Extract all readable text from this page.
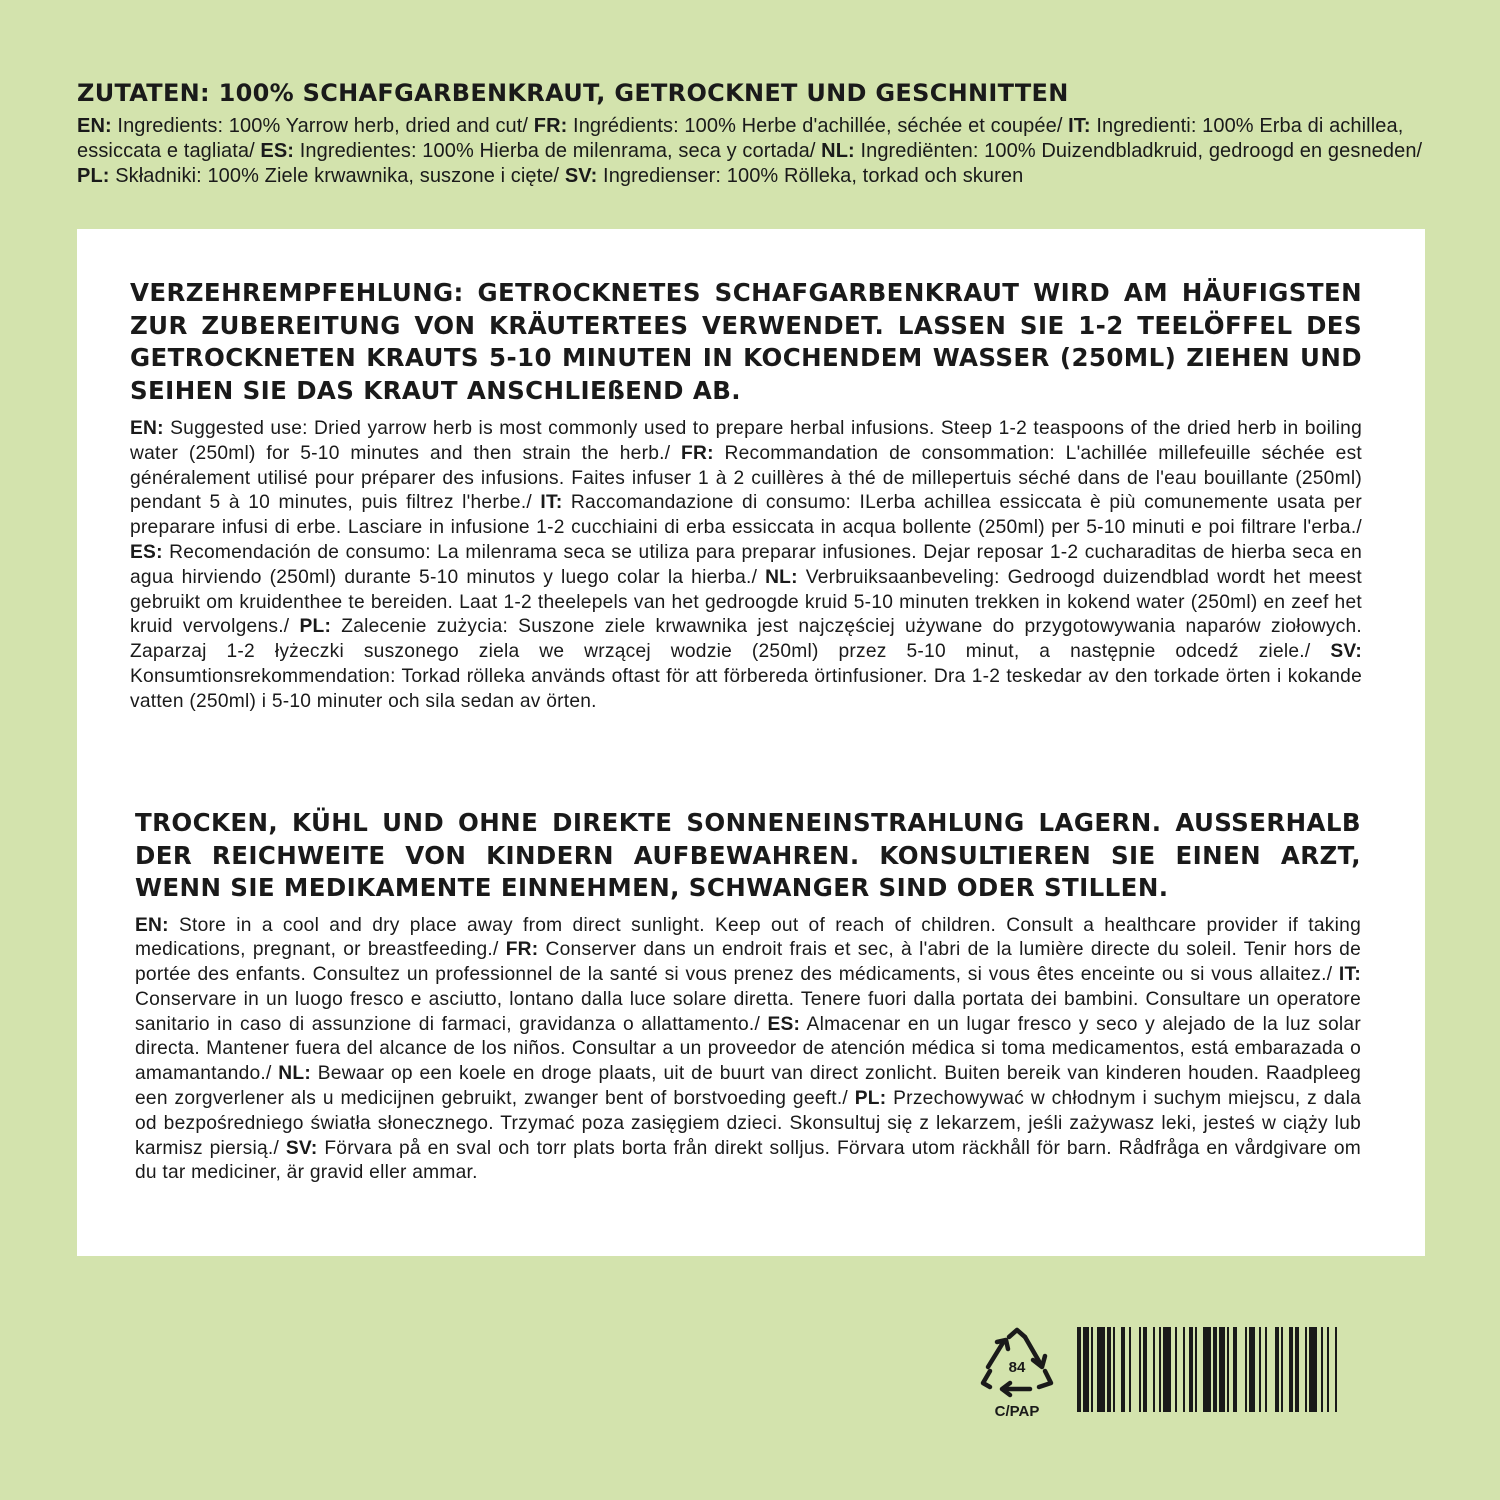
ZUTATEN: 100% SCHAFGARBENKRAUT, GETROCKNET UND GESCHNITTEN

EN: Ingredients: 100% Yarrow herb, dried and cut/ FR: Ingrédients: 100% Herbe d'achillée, séchée et coupée/ IT: Ingredienti: 100% Erba di achillea, essiccata e tagliata/ ES: Ingredientes: 100% Hierba de milenrama, seca y cortada/ NL: Ingrediënten: 100% Duizendbladkruid, gedroogd en gesneden/ PL: Składniki: 100% Ziele krwawnika, suszone i cięte/ SV: Ingredienser: 100% Rölleka, torkad och skuren

VERZEHREMPFEHLUNG: GETROCKNETES SCHAFGARBENKRAUT WIRD AM HÄUFIGSTEN ZUR ZUBEREITUNG VON KRÄUTERTEES VERWENDET. LASSEN SIE 1-2 TEELÖFFEL DES GETROCKNETEN KRAUTS 5-10 MINUTEN IN KOCHENDEM WASSER (250ML) ZIEHEN UND SEIHEN SIE DAS KRAUT ANSCHLIEßEND AB.

EN: Suggested use: Dried yarrow herb is most commonly used to prepare herbal infusions. Steep 1-2 teaspoons of the dried herb in boiling water (250ml) for 5-10 minutes and then strain the herb./ FR: Recommandation de consommation: L'achillée millefeuille séchée est généralement utilisé pour préparer des infusions. Faites infuser 1 à 2 cuillères à thé de millepertuis séché dans de l'eau bouillante (250ml) pendant 5 à 10 minutes, puis filtrez l'herbe./ IT: Raccomandazione di consumo: ILerba achillea essiccata è più comunemente usata per preparare infusi di erbe. Lasciare in infusione 1-2 cucchiaini di erba essiccata in acqua bollente (250ml) per 5-10 minuti e poi filtrare l'erba./ ES: Recomendación de consumo: La milenrama seca se utiliza para preparar infusiones. Dejar reposar 1-2 cucharaditas de hierba seca en agua hirviendo (250ml) durante 5-10 minutos y luego colar la hierba./ NL: Verbruiksaanbeveling: Gedroogd duizendblad wordt het meest gebruikt om kruidenthee te bereiden. Laat 1-2 theelepels van het gedroogde kruid 5-10 minuten trekken in kokend water (250ml) en zeef het kruid vervolgens./ PL: Zalecenie zużycia: Suszone ziele krwawnika jest najczęściej używane do przygotowywania naparów ziołowych. Zaparzaj 1-2 łyżeczki suszonego ziela we wrzącej wodzie (250ml) przez 5-10 minut, a następnie odcedź ziele./ SV: Konsumtionsrekommendation: Torkad rölleka används oftast för att förbereda örtinfusioner. Dra 1-2 teskedar av den torkade örten i kokande vatten (250ml) i 5-10 minuter och sila sedan av örten.

TROCKEN, KÜHL UND OHNE DIREKTE SONNENEINSTRAHLUNG LAGERN. AUSSERHALB DER REICHWEITE VON KINDERN AUFBEWAHREN. KONSULTIEREN SIE EINEN ARZT, WENN SIE MEDIKAMENTE EINNEHMEN, SCHWANGER SIND ODER STILLEN.

EN: Store in a cool and dry place away from direct sunlight. Keep out of reach of children. Consult a healthcare provider if taking medications, pregnant, or breastfeeding./ FR: Conserver dans un endroit frais et sec, à l'abri de la lumière directe du soleil. Tenir hors de portée des enfants. Consultez un professionnel de la santé si vous prenez des médicaments, si vous êtes enceinte ou si vous allaitez./ IT: Conservare in un luogo fresco e asciutto, lontano dalla luce solare diretta. Tenere fuori dalla portata dei bambini. Consultare un operatore sanitario in caso di assunzione di farmaci, gravidanza o allattamento./ ES: Almacenar en un lugar fresco y seco y alejado de la luz solar directa. Mantener fuera del alcance de los niños. Consultar a un proveedor de atención médica si toma medicamentos, está embarazada o amamantando./ NL: Bewaar op een koele en droge plaats, uit de buurt van direct zonlicht. Buiten bereik van kinderen houden. Raadpleeg een zorgverlener als u medicijnen gebruikt, zwanger bent of borstvoeding geeft./ PL: Przechowywać w chłodnym i suchym miejscu, z dala od bezpośredniego światła słonecznego. Trzymać poza zasięgiem dzieci. Skonsultuj się z lekarzem, jeśli zażywasz leki, jesteś w ciąży lub karmisz piersią./ SV: Förvara på en sval och torr plats borta från direkt solljus. Förvara utom räckhåll för barn. Rådfråga en vårdgivare om du tar mediciner, är gravid eller ammar.

84
C/PAP
